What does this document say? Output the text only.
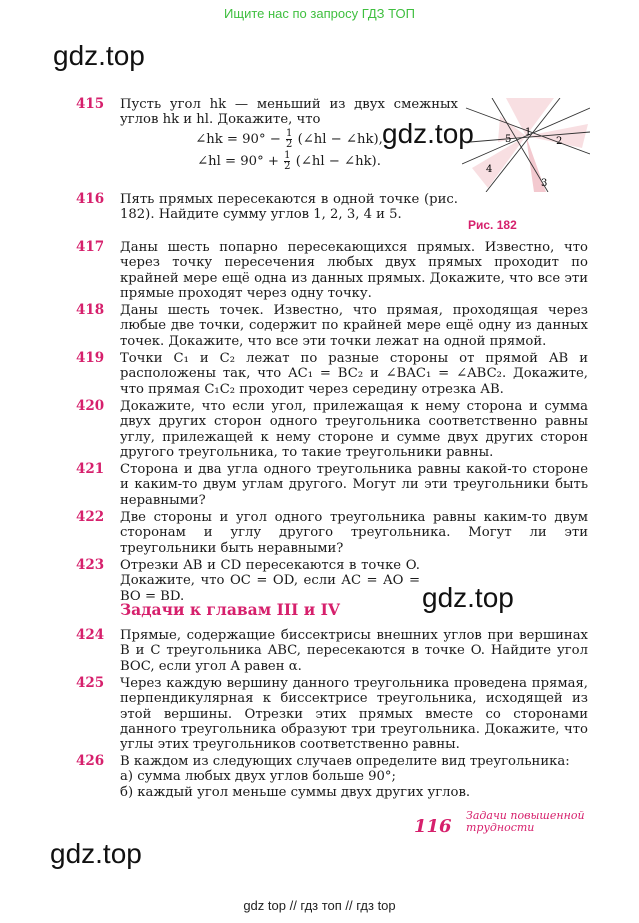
Ищите нас по запросу ГДЗ ТОП
gdz.top
gdz.top
gdz.top
gdz.top
1
2
3
4
5
Рис. 182
415	Пусть угол hk — меньший из двух смежных углов hk и hl. Докажите, что
∠hk = $90^\circ - \frac{1}{2}$ (∠hl − ∠hk),
∠hl = $90^\circ + \frac{1}{2}$ (∠hl − ∠hk).
416	Пять прямых пересекаются в одной точке (рис. 182). Найдите сумму углов 1, 2, 3, 4 и 5.
417	Даны шесть попарно пересекающихся прямых. Известно, что через точку пересечения любых двух прямых проходит по крайней мере ещё одна из данных прямых. Докажите, что все эти прямые проходят через одну точку.
418	Даны шесть точек. Известно, что прямая, проходящая через любые две точки, содержит по крайней мере ещё одну из данных точек. Докажите, что все эти точки лежат на одной прямой.
419	Точки C₁ и C₂ лежат по разные стороны от прямой AB и расположены так, что AC₁ = BC₂ и ∠BAC₁ = ∠ABC₂. Докажите, что прямая C₁C₂ проходит через середину отрезка AB.
420	Докажите, что если угол, прилежащая к нему сторона и сумма двух других сторон одного треугольника соответственно равны углу, прилежащей к нему стороне и сумме двух других сторон другого треугольника, то такие треугольники равны.
421	Сторона и два угла одного треугольника равны какой-то стороне и каким-то двум углам другого. Могут ли эти треугольники быть неравными?
422	Две стороны и угол одного треугольника равны каким-то двум сторонам и углу другого треугольника. Могут ли эти треугольники быть неравными?
423	Отрезки AB и CD пересекаются в точке O. Докажите, что OC = OD, если AC = AO = BO = BD.
Задачи к главам III и IV
424	Прямые, содержащие биссектрисы внешних углов при вершинах B и C треугольника ABC, пересекаются в точке O. Найдите угол BOC, если угол A равен α.
425	Через каждую вершину данного треугольника проведена прямая, перпендикулярная к биссектрисе треугольника, исходящей из этой вершины. Отрезки этих прямых вместе со сторонами данного треугольника образуют три треугольника. Докажите, что углы этих треугольников соответственно равны.
426	В каждом из следующих случаев определите вид треугольника:
а) сумма любых двух углов больше 90°;
б) каждый угол меньше суммы двух других углов.
116
Задачи повышенной трудности
gdz top // гдз топ // гдз top
